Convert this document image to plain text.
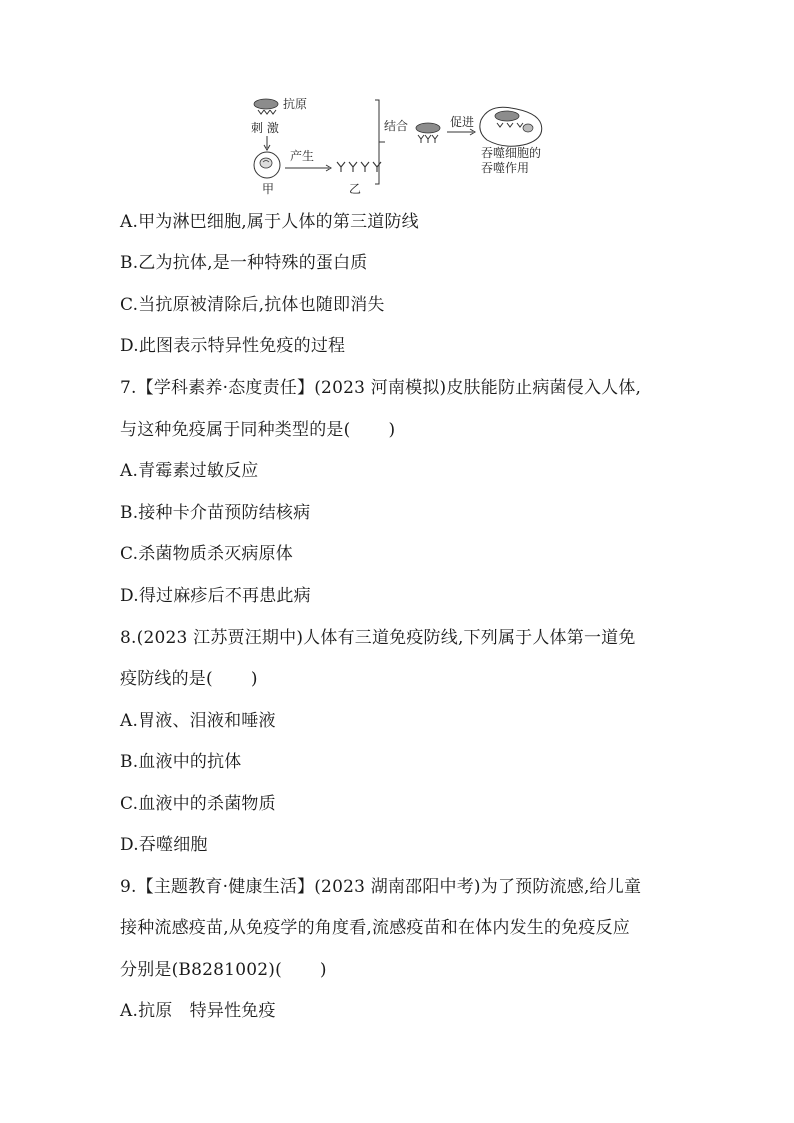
抗原
刺 激
甲
产生
乙
结合	促进
吞噬细胞的
吞噬作用
A.甲为淋巴细胞,属于人体的第三道防线
B.乙为抗体,是一种特殊的蛋白质
C.当抗原被清除后,抗体也随即消失
D.此图表示特异性免疫的过程
7.【学科素养·态度责任】(2023 河南模拟)皮肤能防止病菌侵入人体,
与这种免疫属于同种类型的是( )
A.青霉素过敏反应
B.接种卡介苗预防结核病
C.杀菌物质杀灭病原体
D.得过麻疹后不再患此病
8.(2023 江苏贾汪期中)人体有三道免疫防线,下列属于人体第一道免
疫防线的是( )
A.胃液、泪液和唾液
B.血液中的抗体
C.血液中的杀菌物质
D.吞噬细胞
9.【主题教育·健康生活】(2023 湖南邵阳中考)为了预防流感,给儿童
接种流感疫苗,从免疫学的角度看,流感疫苗和在体内发生的免疫反应
分别是(B8281002)( )
A.抗原　特异性免疫
